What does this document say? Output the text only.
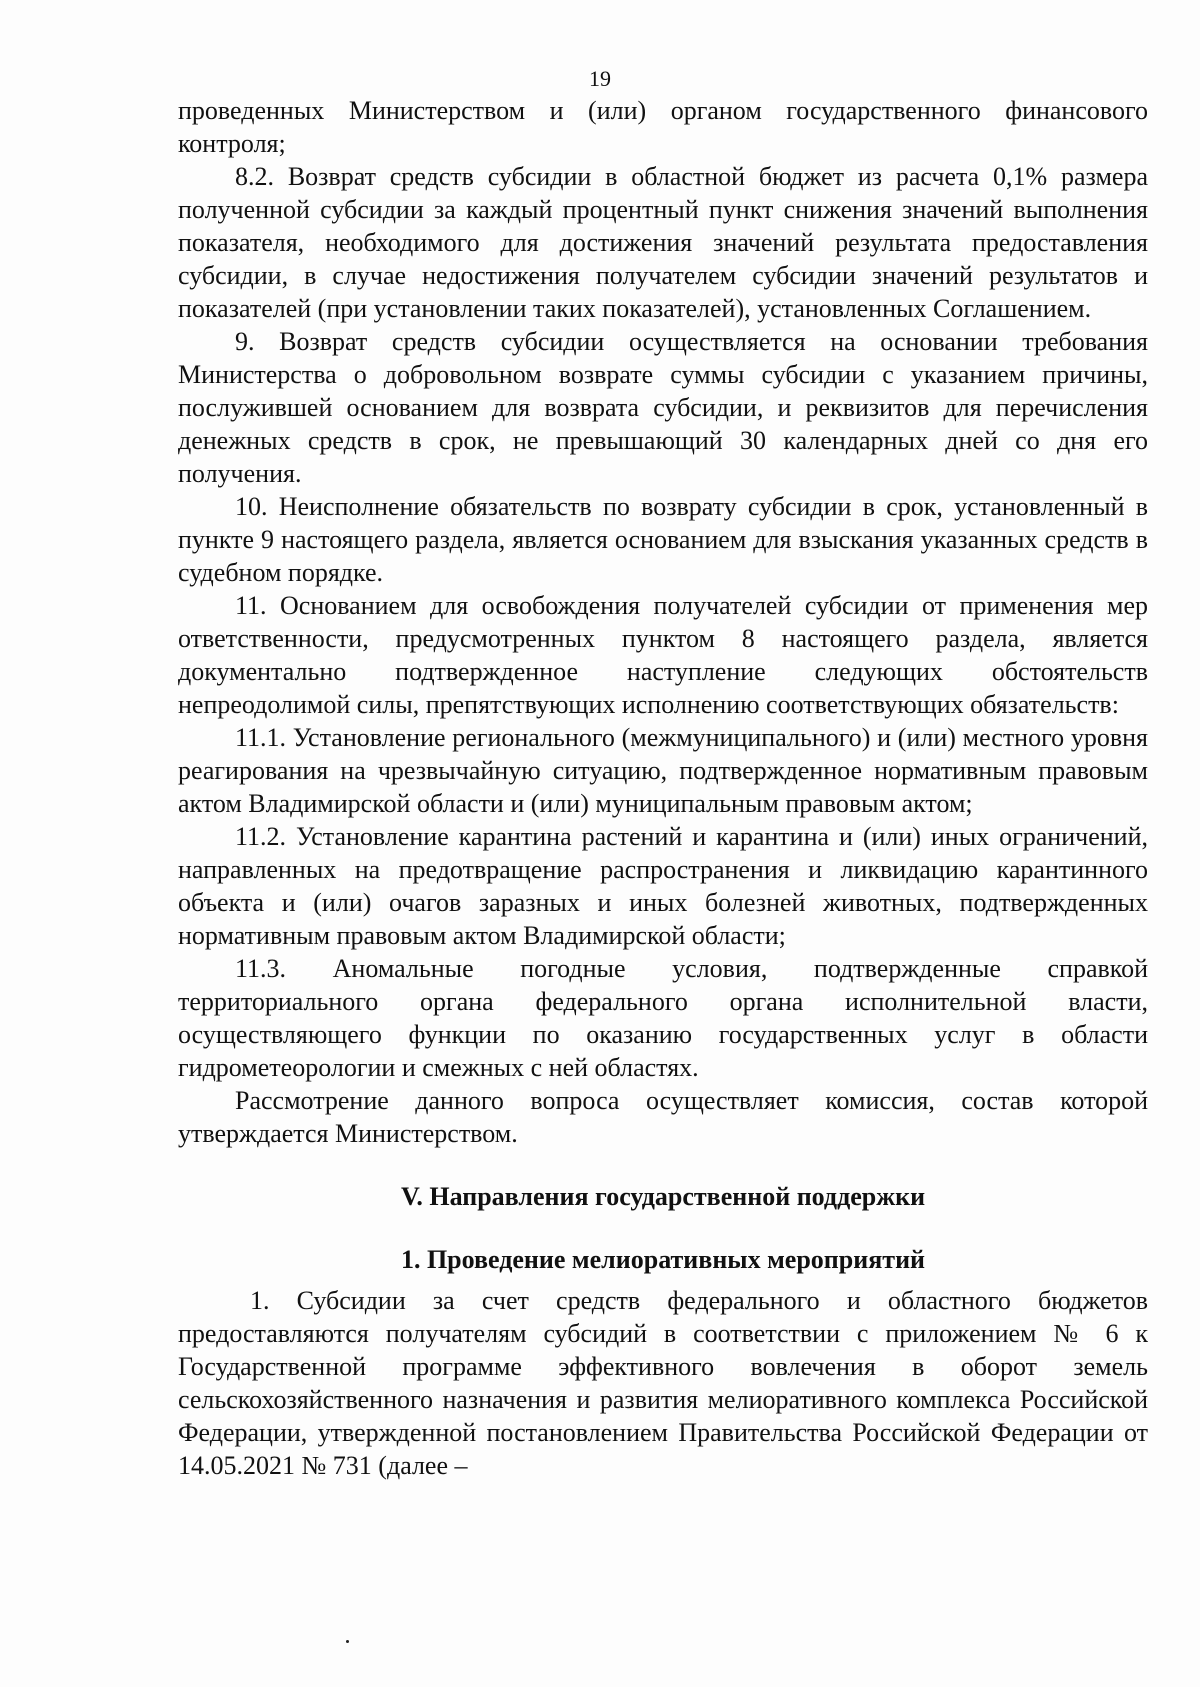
19

проведенных Министерством и (или) органом государственного финансового контроля;

8.2. Возврат средств субсидии в областной бюджет из расчета 0,1% размера полученной субсидии за каждый процентный пункт снижения значений выполнения показателя, необходимого для достижения значений результата предоставления субсидии, в случае недостижения получателем субсидии значений результатов и показателей (при установлении таких показателей), установленных Соглашением.

9. Возврат средств субсидии осуществляется на основании требования Министерства о добровольном возврате суммы субсидии с указанием причины, послужившей основанием для возврата субсидии, и реквизитов для перечисления денежных средств в срок, не превышающий 30 календарных дней со дня его получения.

10. Неисполнение обязательств по возврату субсидии в срок, установленный в пункте 9 настоящего раздела, является основанием для взыскания указанных средств в судебном порядке.

11. Основанием для освобождения получателей субсидии от применения мер ответственности, предусмотренных пунктом 8 настоящего раздела, является документально подтвержденное наступление следующих обстоятельств непреодолимой силы, препятствующих исполнению соответствующих обязательств:

11.1. Установление регионального (межмуниципального) и (или) местного уровня реагирования на чрезвычайную ситуацию, подтвержденное нормативным правовым актом Владимирской области и (или) муниципальным правовым актом;

11.2. Установление карантина растений и карантина и (или) иных ограничений, направленных на предотвращение распространения и ликвидацию карантинного объекта и (или) очагов заразных и иных болезней животных, подтвержденных нормативным правовым актом Владимирской области;

11.3. Аномальные погодные условия, подтвержденные справкой территориального органа федерального органа исполнительной власти, осуществляющего функции по оказанию государственных услуг в области гидрометеорологии и смежных с ней областях.

Рассмотрение данного вопроса осуществляет комиссия, состав которой утверждается Министерством.

V. Направления государственной поддержки
1. Проведение мелиоративных мероприятий

1. Субсидии за счет средств федерального и областного бюджетов предоставляются получателям субсидий в соответствии с приложением № 6 к Государственной программе эффективного вовлечения в оборот земель сельскохозяйственного назначения и развития мелиоративного комплекса Российской Федерации, утвержденной постановлением Правительства Российской Федерации от 14.05.2021 № 731 (далее –
